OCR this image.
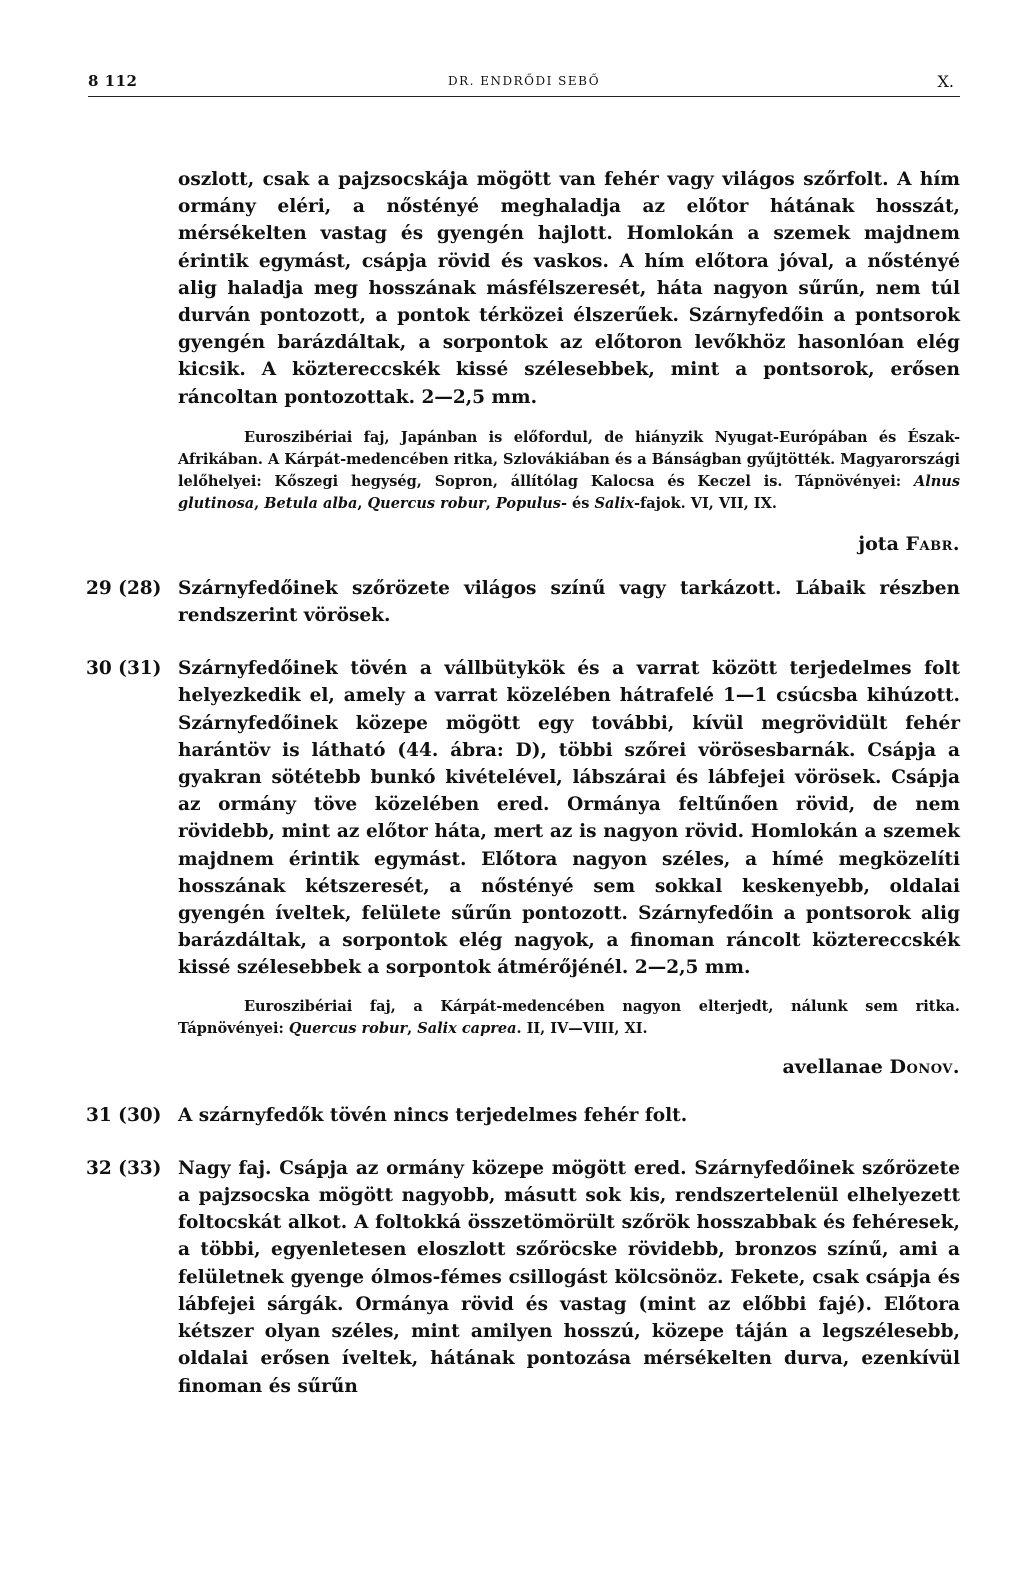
8 112	DR. ENDRŐDI SEBŐ	X.

oszlott, csak a pajzsocskája mögött van fehér vagy világos szőrfolt. A hím ormány eléri, a nőstényé meghaladja az előtor hátának hosszát, mérsékelten vastag és gyengén hajlott. Homlokán a szemek majdnem érintik egymást, csápja rövid és vaskos. A hím előtora jóval, a nőstényé alig haladja meg hosszának másfélszeresét, háta nagyon sűrűn, nem túl durván pontozott, a pontok térközei élszerűek. Szárnyfedőin a pontsorok gyengén barázdáltak, a sorpontok az előtoron levőkhöz hasonlóan elég kicsik. A köztereccskék kissé szélesebbek, mint a pontsorok, erősen ráncoltan pontozottak. 2—2,5 mm.

Euroszibériai faj, Japánban is előfordul, de hiányzik Nyugat-Európában és Észak-Afrikában. A Kárpát-medencében ritka, Szlovákiában és a Bánságban gyűjtötték. Magyarországi lelőhelyei: Kőszegi hegység, Sopron, állítólag Kalocsa és Keczel is. Tápnövényei: Alnus glutinosa, Betula alba, Quercus robur, Populus- és Salix-fajok. VI, VII, IX.

jota Fabr.

29 (28) Szárnyfedőinek szőrözete világos színű vagy tarkázott. Lábaik részben rendszerint vörösek.

30 (31) Szárnyfedőinek tövén a vállbütykök és a varrat között terjedelmes folt helyezkedik el, amely a varrat közelében hátrafelé 1—1 csúcsba kihúzott. Szárnyfedőinek közepe mögött egy további, kívül megrövidült fehér harántöv is látható (44. ábra: D), többi szőrei vörösesbarnák. Csápja a gyakran sötétebb bunkó kivételével, lábszárai és lábfejei vörösek. Csápja az ormány töve közelében ered. Ormánya feltűnően rövid, de nem rövidebb, mint az előtor háta, mert az is nagyon rövid. Homlokán a szemek majdnem érintik egymást. Előtora nagyon széles, a hímé megközelíti hosszának kétszeresét, a nőstényé sem sokkal keskenyebb, oldalai gyengén íveltek, felülete sűrűn pontozott. Szárnyfedőin a pontsorok alig barázdáltak, a sorpontok elég nagyok, a finoman ráncolt köztereccskék kissé szélesebbek a sorpontok átmérőjénél. 2—2,5 mm.

Euroszibériai faj, a Kárpát-medencében nagyon elterjedt, nálunk sem ritka. Tápnövényei: Quercus robur, Salix caprea. II, IV—VIII, XI.

avellanae Donov.

31 (30) A szárnyfedők tövén nincs terjedelmes fehér folt.

32 (33) Nagy faj. Csápja az ormány közepe mögött ered. Szárnyfedőinek szőrözete a pajzsocska mögött nagyobb, másutt sok kis, rendszertelenül elhelyezett foltocskát alkot. A foltokká összetömörült szőrök hosszabbak és fehéresek, a többi, egyenletesen eloszlott szőröcske rövidebb, bronzos színű, ami a felületnek gyenge ólmos-fémes csillogást kölcsönöz. Fekete, csak csápja és lábfejei sárgák. Ormánya rövid és vastag (mint az előbbi fajé). Előtora kétszer olyan széles, mint amilyen hosszú, közepe táján a legszélesebb, oldalai erősen íveltek, hátának pontozása mérsékelten durva, ezenkívül finoman és sűrűn
